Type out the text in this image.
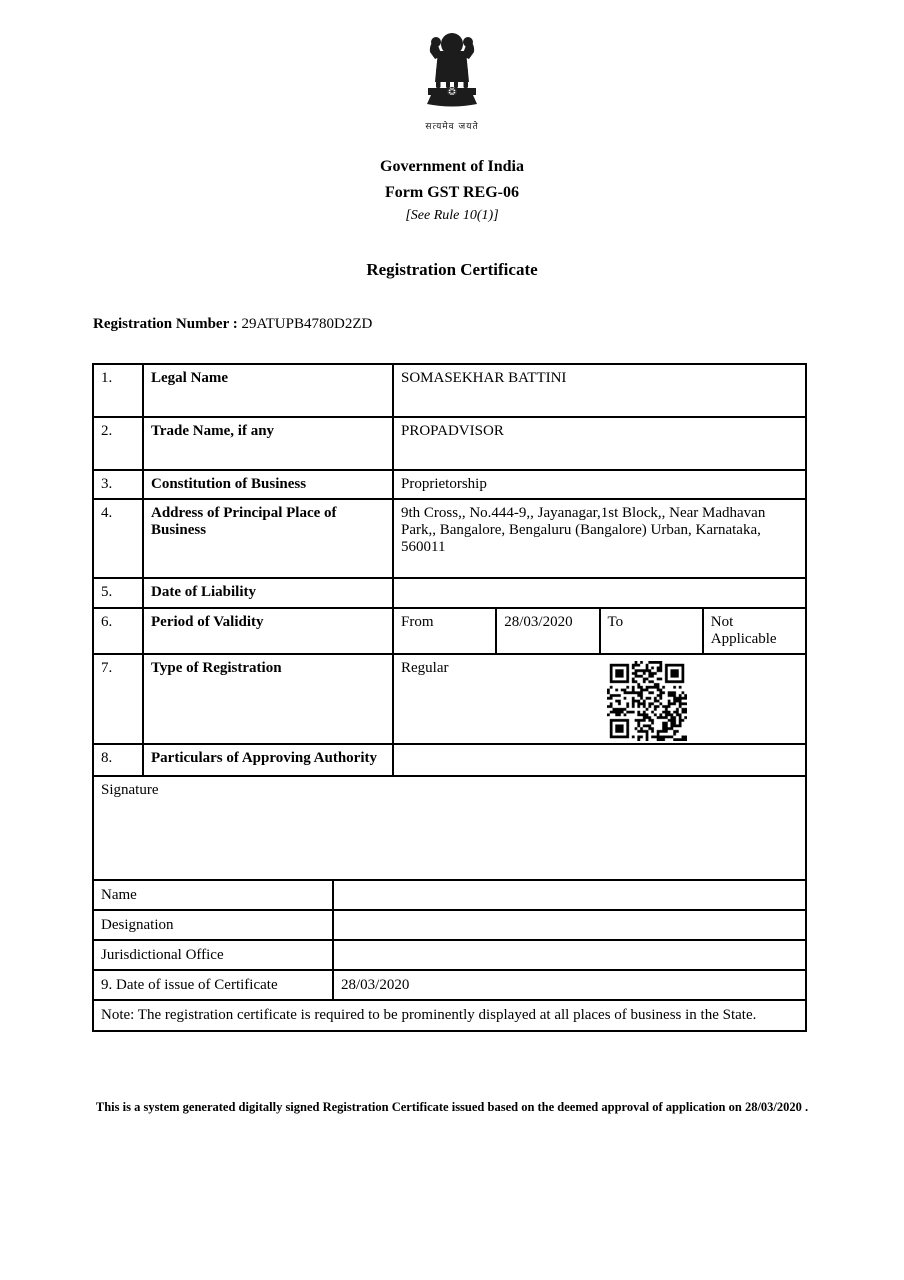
सत्यमेव जयते
Government of India
Form GST REG-06
[See Rule 10(1)]
Registration Certificate
Registration Number : 29ATUPB4780D2ZD
1.	Legal Name	SOMASEKHAR BATTINI			
2.	Trade Name, if any	PROPADVISOR			
3.	Constitution of Business	Proprietorship			
4.	Address of Principal Place of Business	9th Cross,, No.444-9,, Jayanagar,1st Block,, Near Madhavan Park,, Bangalore, Bengaluru (Bangalore) Urban, Karnataka, 560011			
5.	Date of Liability				
6.	Period of Validity	From	28/03/2020	To	Not Applicable
7.	Type of Registration	Regular			

8.	Particulars of Approving Authority				
Signature
Name	
Designation	
Jurisdictional Office	
9. Date of issue of Certificate	28/03/2020
Note: The registration certificate is required to be prominently displayed at all places of business in the State.	
This is a system generated digitally signed Registration Certificate issued based on the deemed approval of application on 28/03/2020 .
